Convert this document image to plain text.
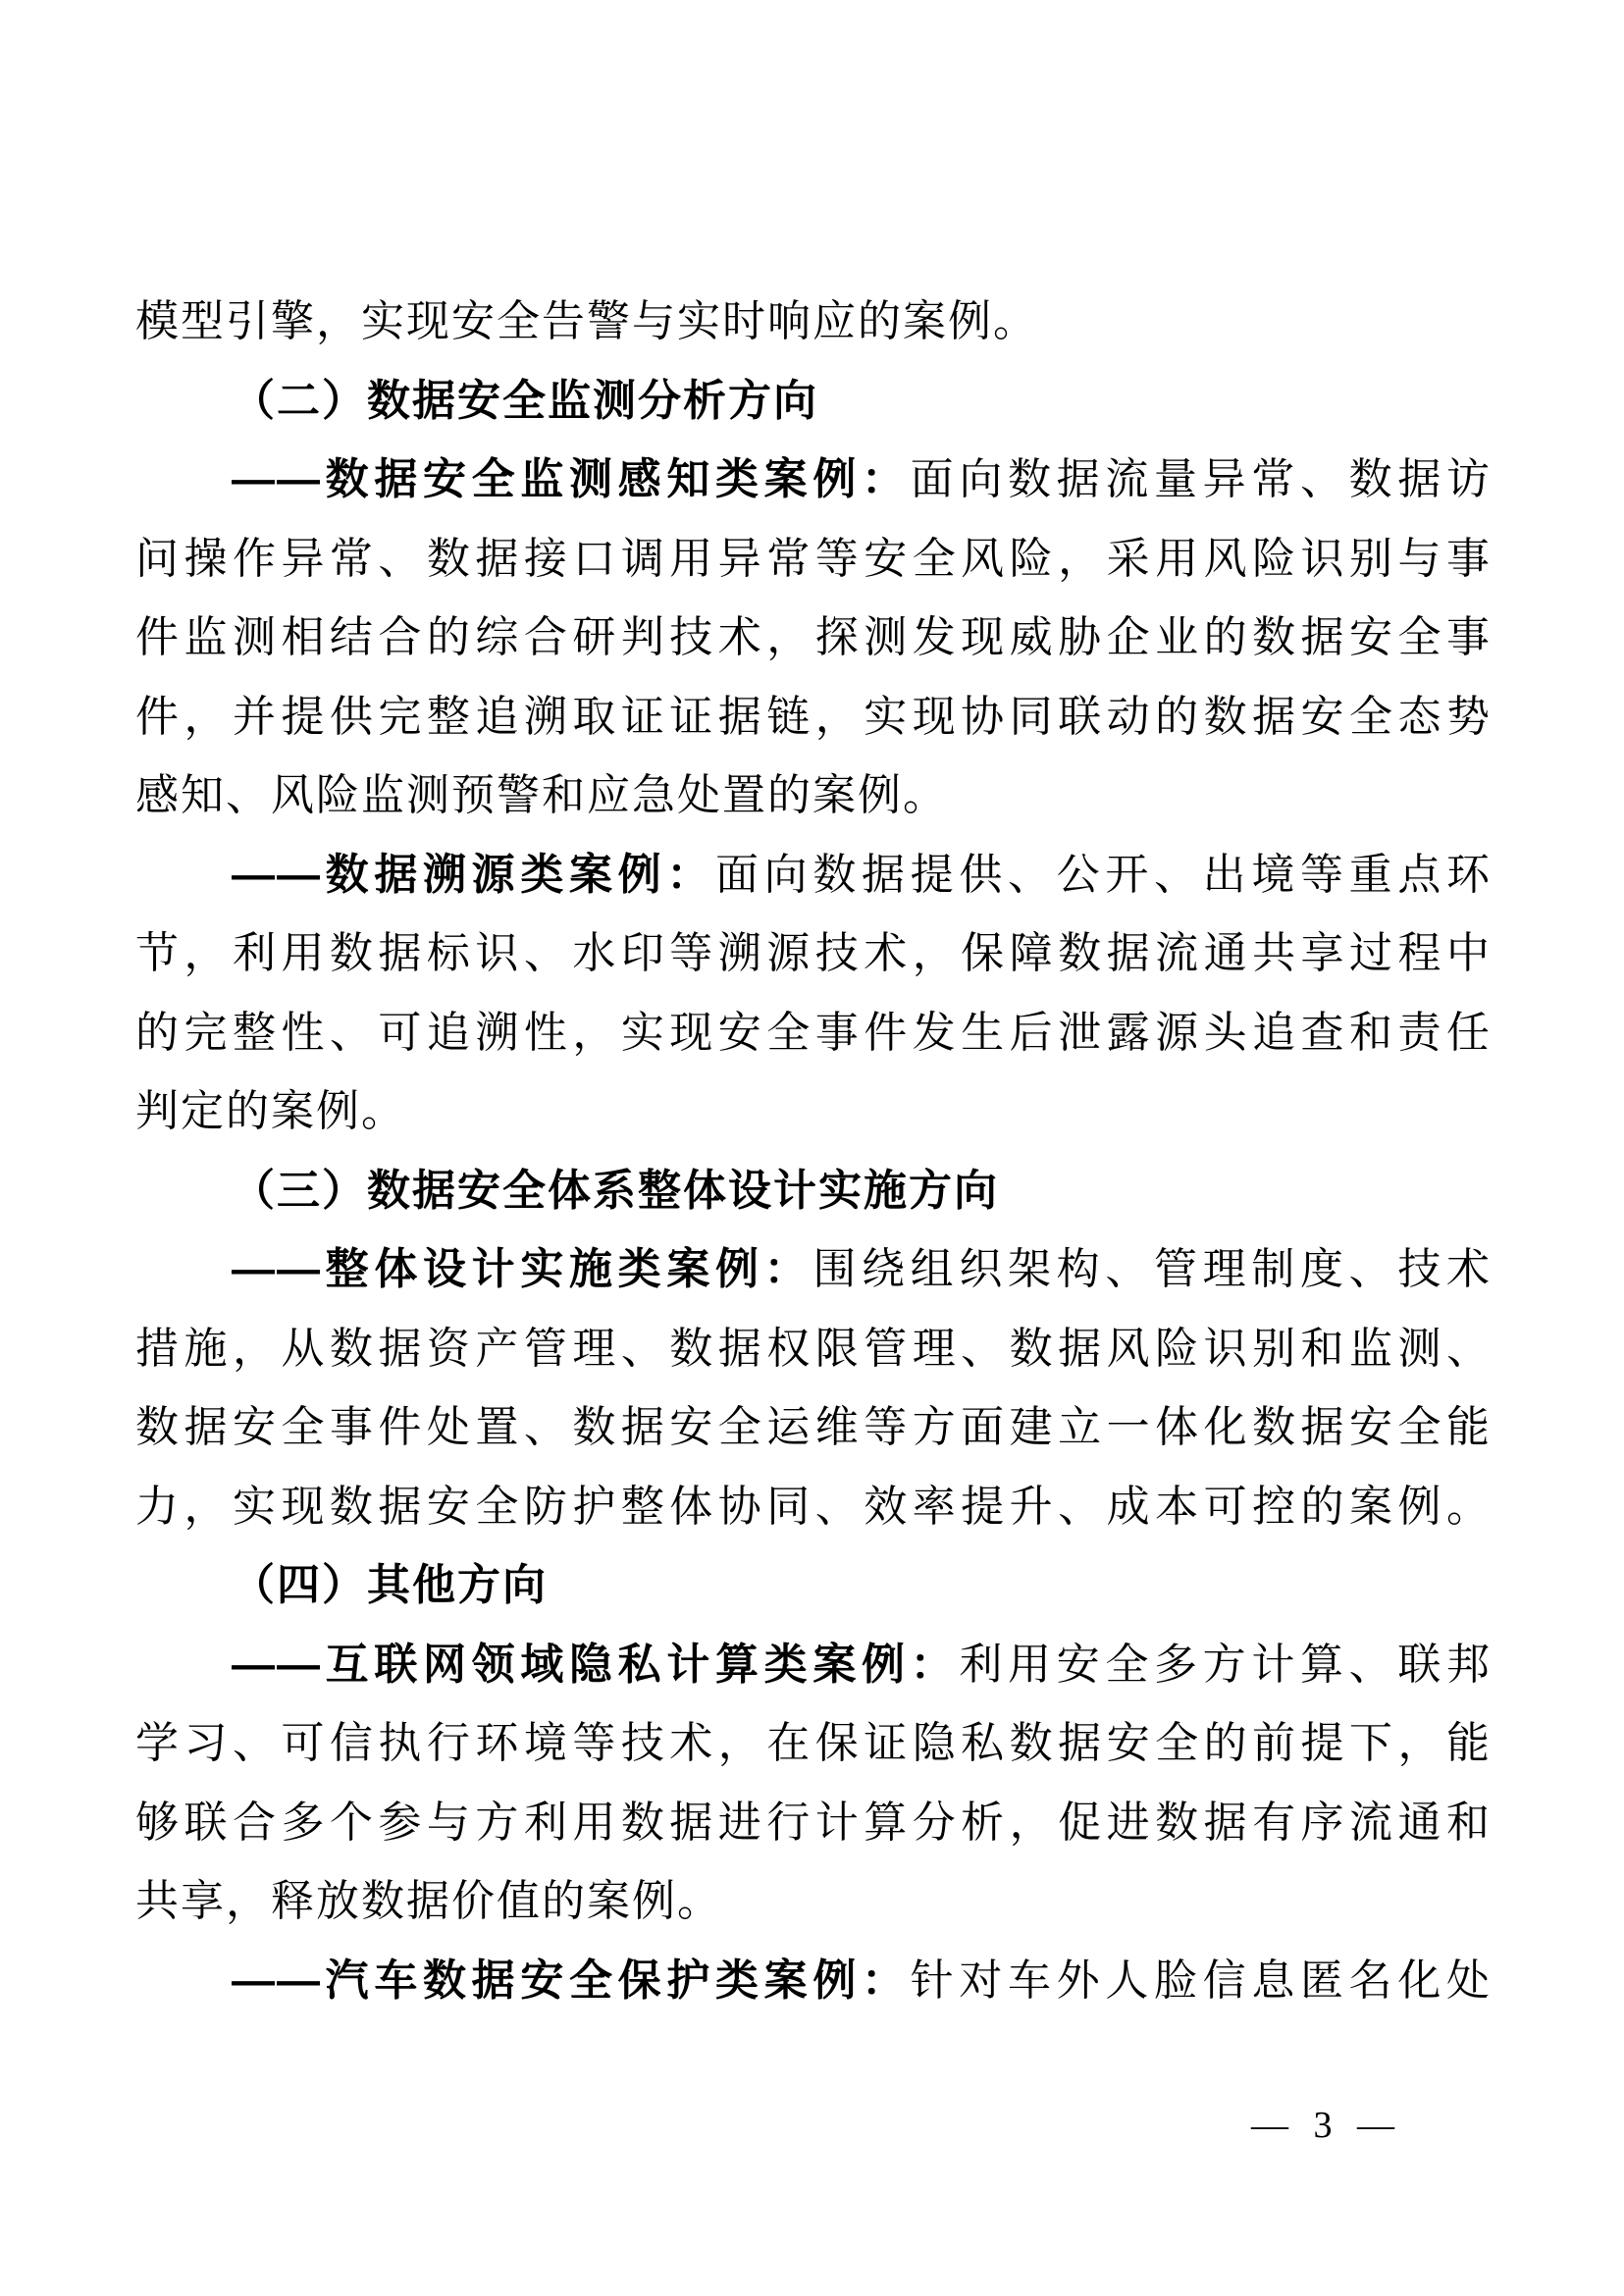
模型引擎，实现安全告警与实时响应的案例。
（二）数据安全监测分析方向
——数据安全监测感知类案例：面向数据流量异常、数据访
问操作异常、数据接口调用异常等安全风险，采用风险识别与事
件监测相结合的综合研判技术，探测发现威胁企业的数据安全事
件，并提供完整追溯取证证据链，实现协同联动的数据安全态势
感知、风险监测预警和应急处置的案例。
——数据溯源类案例：面向数据提供、公开、出境等重点环
节，利用数据标识、水印等溯源技术，保障数据流通共享过程中
的完整性、可追溯性，实现安全事件发生后泄露源头追查和责任
判定的案例。
（三）数据安全体系整体设计实施方向
——整体设计实施类案例：围绕组织架构、管理制度、技术
措施，从数据资产管理、数据权限管理、数据风险识别和监测、
数据安全事件处置、数据安全运维等方面建立一体化数据安全能
力，实现数据安全防护整体协同、效率提升、成本可控的案例。
（四）其他方向
——互联网领域隐私计算类案例：利用安全多方计算、联邦
学习、可信执行环境等技术，在保证隐私数据安全的前提下，能
够联合多个参与方利用数据进行计算分析，促进数据有序流通和
共享，释放数据价值的案例。
——汽车数据安全保护类案例：针对车外人脸信息匿名化处
— 3 —
